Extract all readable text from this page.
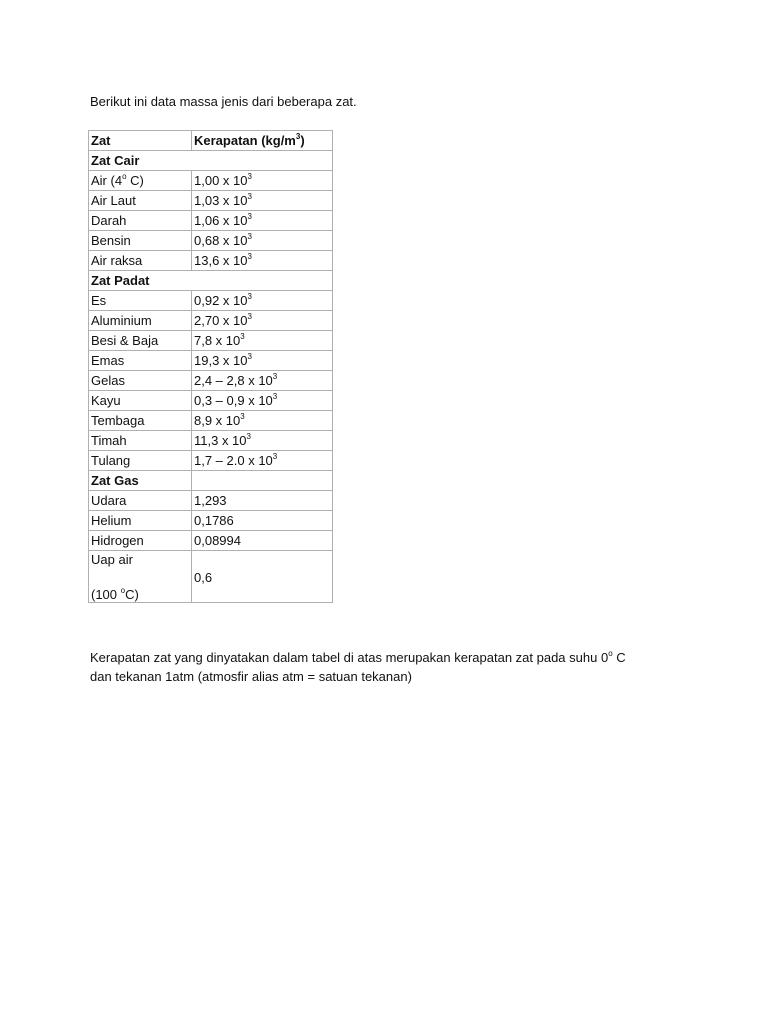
Berikut ini data massa jenis dari beberapa zat.
Zat	Kerapatan $(kg/m^3)$
Zat Cair	
Air (4$^o$ C)	1,00 x $10^3$
Air Laut	1,03 x $10^3$
Darah	1,06 x $10^3$
Bensin	0,68 x $10^3$
Air raksa	13,6 x $10^3$
Zat Padat	
Es	0,92 x $10^3$
Aluminium	2,70 x $10^3$
Besi & Baja	7,8 x $10^3$
Emas	19,3 x $10^3$
Gelas	2,4 – 2,8 x $10^3$
Kayu	0,3 – 0,9 x $10^3$
Tembaga	8,9 x $10^3$
Timah	11,3 x $10^3$
Tulang	1,7 – 2.0 x $10^3$
Zat Gas	
Udara	1,293
Helium	0,1786
Hidrogen	0,08994

Uap air
(100 $^o$C)	0,6
Kerapatan zat yang dinyatakan dalam tabel di atas merupakan kerapatan zat pada suhu 0$^o$ C
dan tekanan 1atm (atmosfir alias atm = satuan tekanan)
